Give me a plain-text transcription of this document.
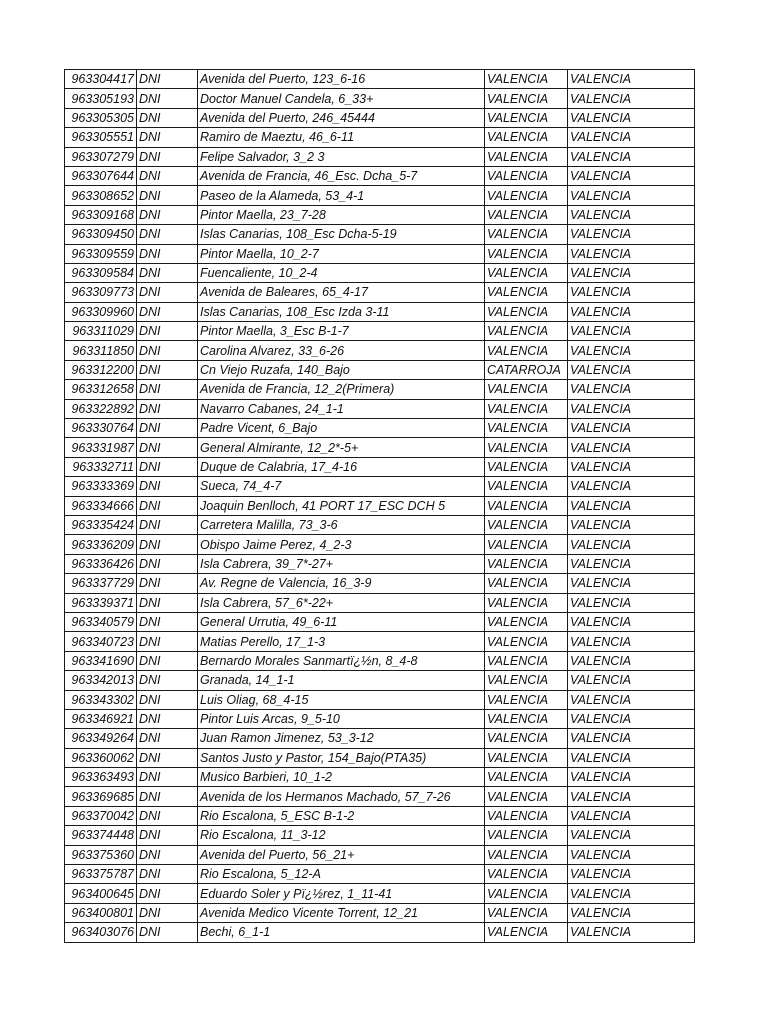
963304417	DNI	Avenida del Puerto, 123_6-16	VALENCIA	VALENCIA
963305193	DNI	Doctor Manuel Candela, 6_33+	VALENCIA	VALENCIA
963305305	DNI	Avenida del Puerto, 246_45444	VALENCIA	VALENCIA
963305551	DNI	Ramiro de Maeztu, 46_6-11	VALENCIA	VALENCIA
963307279	DNI	Felipe Salvador, 3_2 3	VALENCIA	VALENCIA
963307644	DNI	Avenida de Francia, 46_Esc. Dcha_5-7	VALENCIA	VALENCIA
963308652	DNI	Paseo de la Alameda, 53_4-1	VALENCIA	VALENCIA
963309168	DNI	Pintor Maella, 23_7-28	VALENCIA	VALENCIA
963309450	DNI	Islas Canarias, 108_Esc Dcha-5-19	VALENCIA	VALENCIA
963309559	DNI	Pintor Maella, 10_2-7	VALENCIA	VALENCIA
963309584	DNI	Fuencaliente, 10_2-4	VALENCIA	VALENCIA
963309773	DNI	Avenida de Baleares, 65_4-17	VALENCIA	VALENCIA
963309960	DNI	Islas Canarias, 108_Esc Izda 3-11	VALENCIA	VALENCIA
963311029	DNI	Pintor Maella, 3_Esc B-1-7	VALENCIA	VALENCIA
963311850	DNI	Carolina Alvarez, 33_6-26	VALENCIA	VALENCIA
963312200	DNI	Cn Viejo Ruzafa, 140_Bajo	CATARROJA	VALENCIA
963312658	DNI	Avenida de Francia, 12_2(Primera)	VALENCIA	VALENCIA
963322892	DNI	Navarro Cabanes, 24_1-1	VALENCIA	VALENCIA
963330764	DNI	Padre Vicent, 6_Bajo	VALENCIA	VALENCIA
963331987	DNI	General Almirante, 12_2*-5+	VALENCIA	VALENCIA
963332711	DNI	Duque de Calabria, 17_4-16	VALENCIA	VALENCIA
963333369	DNI	Sueca, 74_4-7	VALENCIA	VALENCIA
963334666	DNI	Joaquin Benlloch, 41 PORT 17_ESC DCH 5	VALENCIA	VALENCIA
963335424	DNI	Carretera Malilla, 73_3-6	VALENCIA	VALENCIA
963336209	DNI	Obispo Jaime Perez, 4_2-3	VALENCIA	VALENCIA
963336426	DNI	Isla Cabrera, 39_7*-27+	VALENCIA	VALENCIA
963337729	DNI	Av. Regne de Valencia, 16_3-9	VALENCIA	VALENCIA
963339371	DNI	Isla Cabrera, 57_6*-22+	VALENCIA	VALENCIA
963340579	DNI	General Urrutia, 49_6-11	VALENCIA	VALENCIA
963340723	DNI	Matias Perello, 17_1-3	VALENCIA	VALENCIA
963341690	DNI	Bernardo Morales Sanmartï¿½n, 8_4-8	VALENCIA	VALENCIA
963342013	DNI	Granada, 14_1-1	VALENCIA	VALENCIA
963343302	DNI	Luis Oliag, 68_4-15	VALENCIA	VALENCIA
963346921	DNI	Pintor Luis Arcas, 9_5-10	VALENCIA	VALENCIA
963349264	DNI	Juan Ramon Jimenez, 53_3-12	VALENCIA	VALENCIA
963360062	DNI	Santos Justo y Pastor, 154_Bajo(PTA35)	VALENCIA	VALENCIA
963363493	DNI	Musico Barbieri, 10_1-2	VALENCIA	VALENCIA
963369685	DNI	Avenida de los Hermanos Machado, 57_7-26	VALENCIA	VALENCIA
963370042	DNI	Rio Escalona, 5_ESC B-1-2	VALENCIA	VALENCIA
963374448	DNI	Rio Escalona, 11_3-12	VALENCIA	VALENCIA
963375360	DNI	Avenida del Puerto, 56_21+	VALENCIA	VALENCIA
963375787	DNI	Rio Escalona, 5_12-A	VALENCIA	VALENCIA
963400645	DNI	Eduardo Soler y Pï¿½rez, 1_11-41	VALENCIA	VALENCIA
963400801	DNI	Avenida Medico Vicente Torrent, 12_21	VALENCIA	VALENCIA
963403076	DNI	Bechi, 6_1-1	VALENCIA	VALENCIA
